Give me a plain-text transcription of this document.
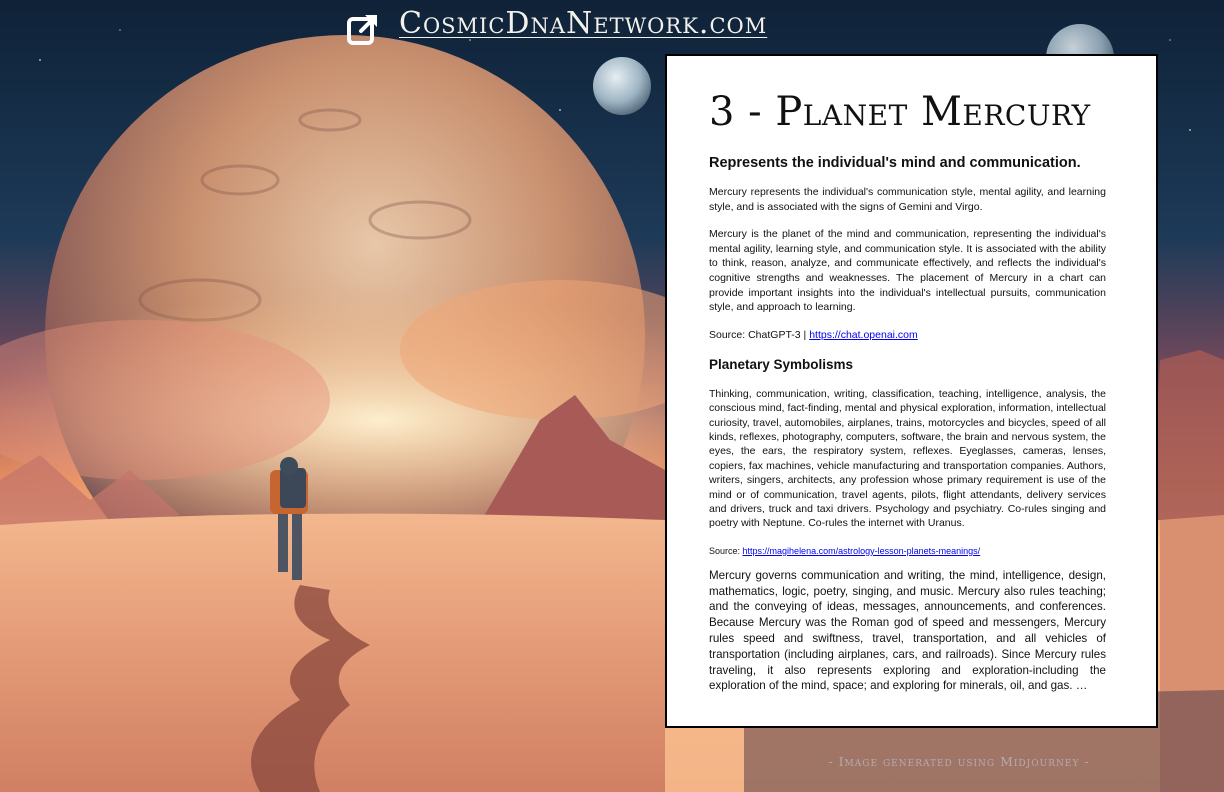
CosmicDnaNetwork.com
3 - Planet Mercury

Represents the individual's mind and communication.

Mercury represents the individual's communication style, mental agility, and learning style, and is associated with the signs of Gemini and Virgo.

Mercury is the planet of the mind and communication, representing the individual's mental agility, learning style, and communication style. It is associated with the ability to think, reason, analyze, and communicate effectively, and reflects the individual's cognitive strengths and weaknesses. The placement of Mercury in a chart can provide important insights into the individual's intellectual pursuits, communication style, and approach to learning.

Source: ChatGPT-3 | https://chat.openai.com

Planetary Symbolisms

Thinking, communication, writing, classification, teaching, intelligence, analysis, the conscious mind, fact-finding, mental and physical exploration, information, intellectual curiosity, travel, automobiles, airplanes, trains, motorcycles and bicycles, speed of all kinds, reflexes, photography, computers, software, the brain and nervous system, the eyes, the ears, the respiratory system, reflexes. Eyeglasses, cameras, lenses, copiers, fax machines, vehicle manufacturing and transportation companies. Authors, writers, singers, architects, any profession whose primary requirement is use of the mind or of communication, travel agents, pilots, flight attendants, delivery services and drivers, truck and taxi drivers. Psychology and psychiatry. Co-rules singing and poetry with Neptune. Co-rules the internet with Uranus.

Source: https://magihelena.com/astrology-lesson-planets-meanings/

Mercury governs communication and writing, the mind, intelligence, design, mathematics, logic, poetry, singing, and music. Mercury also rules teaching; and the conveying of ideas, messages, announcements, and conferences. Because Mercury was the Roman god of speed and messengers, Mercury rules speed and swiftness, travel, transportation, and all vehicles of transportation (including airplanes, cars, and railroads). Since Mercury rules traveling, it also represents exploring and exploration-including the exploration of the mind, space; and exploring for minerals, oil, and gas. …

- Image generated using Midjourney -
